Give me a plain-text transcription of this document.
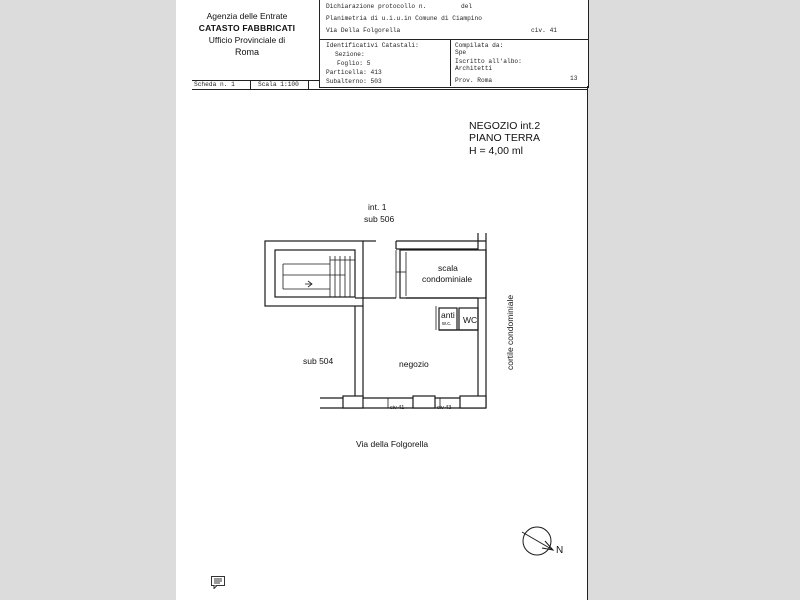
Agenzia delle Entrate
CATASTO FABBRICATI
Ufficio Provinciale di
Roma
Dichiarazione protocollo n.	del
Planimetria di u.i.u.in Comune di Ciampino
Via Della Folgorella	civ. 41
Identificativi Catastali:
Sezione:
Foglio: 5
Particella: 413
Subalterno: 503
Compilata da:
Spe
Iscritto all'albo:
Architetti
Prov. Roma	13
Scheda n. 1	Scala 1:100
NEGOZIO int.2
PIANO TERRA
H = 4,00 ml
int. 1
sub 506
scala
condominiale
anti
w.c. WC
sub 504	negozio	cortile condominiale
civ 41	civ 43
Via della Folgorella
N
